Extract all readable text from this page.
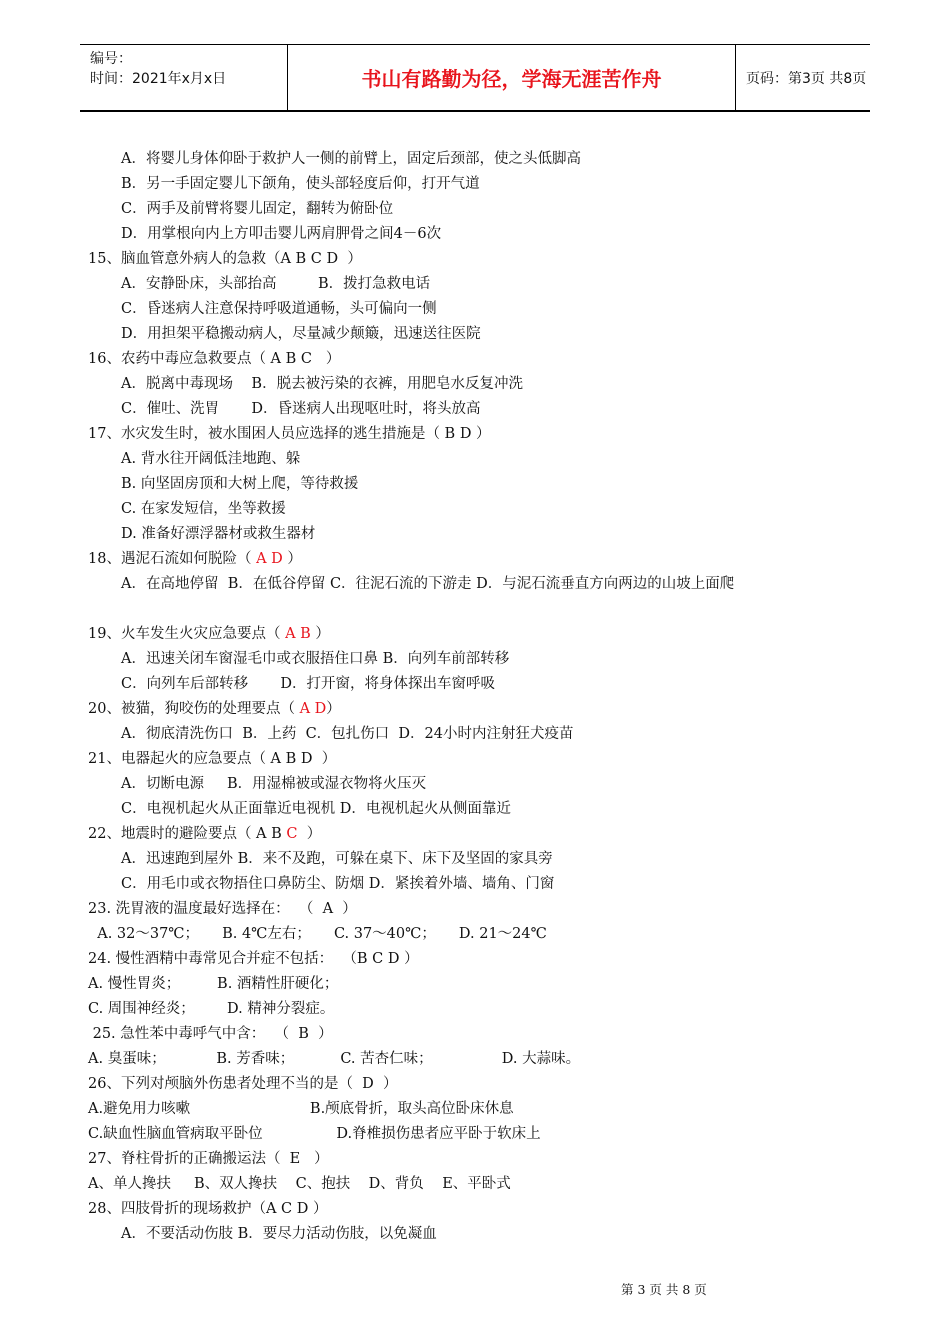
编号：
时间：2021年x月x日	书山有路勤为径，学海无涯苦作舟	页码：第3页 共8页
A．将婴儿身体仰卧于救护人一侧的前臂上，固定后颈部，使之头低脚高
B．另一手固定婴儿下颌角，使头部轻度后仰，打开气道
C．两手及前臂将婴儿固定，翻转为俯卧位
D．用掌根向内上方叩击婴儿两肩胛骨之间4－6次
15、脑血管意外病人的急救（A B C D  ）
A．安静卧床，头部抬高         B．拨打急救电话
C．昏迷病人注意保持呼吸道通畅，头可偏向一侧
D．用担架平稳搬动病人，尽量减少颠簸，迅速送往医院
16、农药中毒应急救要点（ A B C   ）
A．脱离中毒现场    B．脱去被污染的衣裤，用肥皂水反复冲洗
C．催吐、洗胃       D．昏迷病人出现呕吐时，将头放高
17、水灾发生时，被水围困人员应选择的逃生措施是（ B D ）
A. 背水往开阔低洼地跑、躲
B. 向坚固房顶和大树上爬，等待救援
C. 在家发短信，坐等救援
D. 准备好漂浮器材或救生器材
18、遇泥石流如何脱险（ A D ）
A．在高地停留  B．在低谷停留 C．往泥石流的下游走 D．与泥石流垂直方向两边的山坡上面爬
19、火车发生火灾应急要点（ A B ）
A．迅速关闭车窗湿毛巾或衣服捂住口鼻 B．向列车前部转移
C．向列车后部转移       D．打开窗，将身体探出车窗呼吸
20、被猫，狗咬伤的处理要点（ A D）
A．彻底清洗伤口  B．上药  C．包扎伤口  D．24小时内注射狂犬疫苗
21、电器起火的应急要点（ A B D  ）
A．切断电源     B．用湿棉被或湿衣物将火压灭
C．电视机起火从正面靠近电视机 D．电视机起火从侧面靠近
22、地震时的避险要点（ A B C  ）
A．迅速跑到屋外 B．来不及跑，可躲在桌下、床下及坚固的家具旁
C．用毛巾或衣物捂住口鼻防尘、防烟 D．紧挨着外墙、墙角、门窗
23. 洗胃液的温度最好选择在：  （  A  ）
A. 32～37℃；     B. 4℃左右；     C. 37～40℃；     D. 21～24℃
24. 慢性酒精中毒常见合并症不包括：  （B C D ）
A. 慢性胃炎；        B. 酒精性肝硬化；
C. 周围神经炎；       D. 精神分裂症。
25. 急性苯中毒呼气中含：  （  B  ）
A. 臭蛋味；           B. 芳香味；          C. 苦杏仁味；               D. 大蒜味。
26、下列对颅脑外伤患者处理不当的是（  D  ）
A.避免用力咳嗽                          B.颅底骨折，取头高位卧床休息
C.缺血性脑血管病取平卧位                D.脊椎损伤患者应平卧于软床上
27、脊柱骨折的正确搬运法（  E   ）
A、单人搀扶     B、双人搀扶    C、抱扶    D、背负    E、平卧式
28、四肢骨折的现场救护（A C D ）
A．不要活动伤肢 B．要尽力活动伤肢，以免凝血
第 3 页 共 8 页
